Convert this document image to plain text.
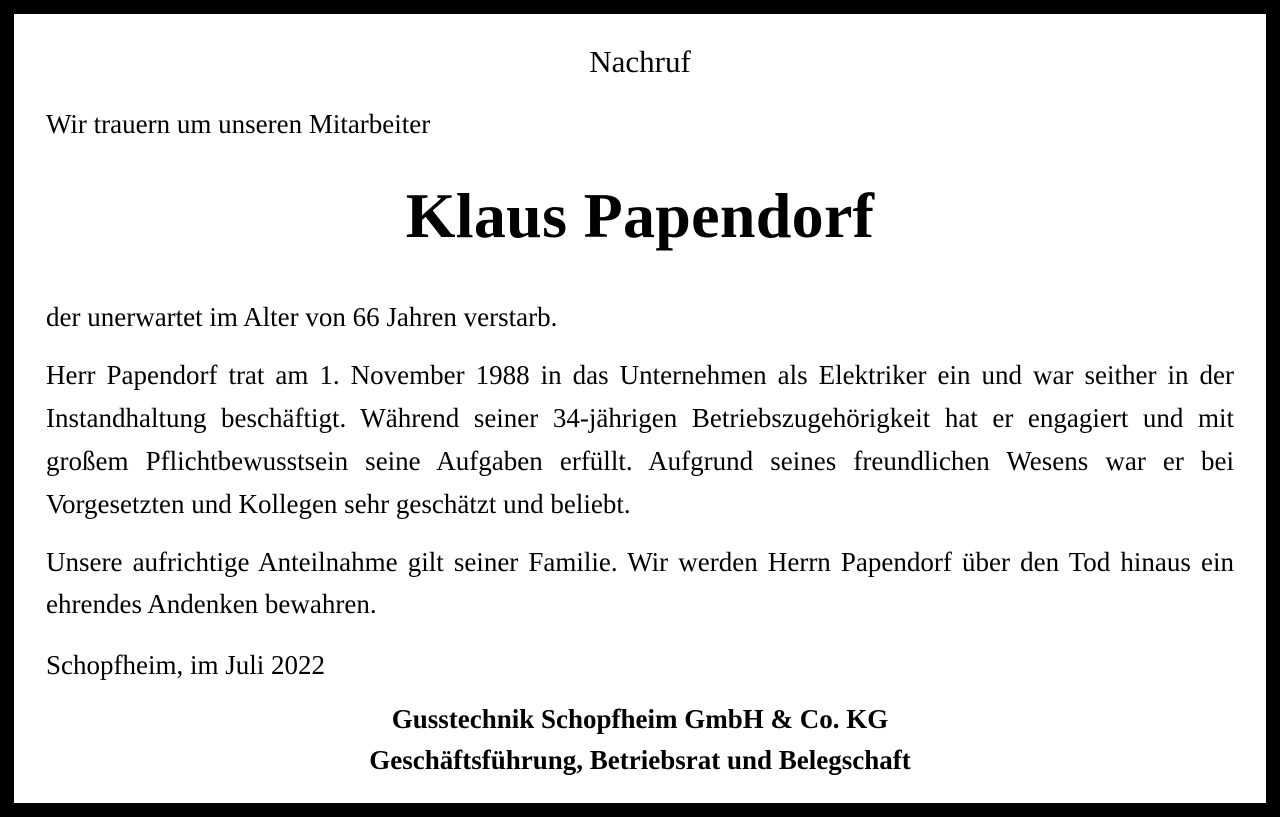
Nachruf
Wir trauern um unseren Mitarbeiter
Klaus Papendorf
der unerwartet im Alter von 66 Jahren verstarb.
Herr Papendorf trat am 1. November 1988 in das Unternehmen als Elektriker ein und war seither in der Instandhaltung beschäftigt. Während seiner 34-jährigen Betriebszugehörigkeit hat er engagiert und mit großem Pflichtbewusstsein seine Aufgaben erfüllt. Aufgrund seines freundlichen Wesens war er bei Vorgesetzten und Kollegen sehr geschätzt und beliebt.
Unsere aufrichtige Anteilnahme gilt seiner Familie. Wir werden Herrn Papendorf über den Tod hinaus ein ehrendes Andenken bewahren.
Schopfheim, im Juli 2022
Gusstechnik Schopfheim GmbH & Co. KG
Geschäftsführung, Betriebsrat und Belegschaft
